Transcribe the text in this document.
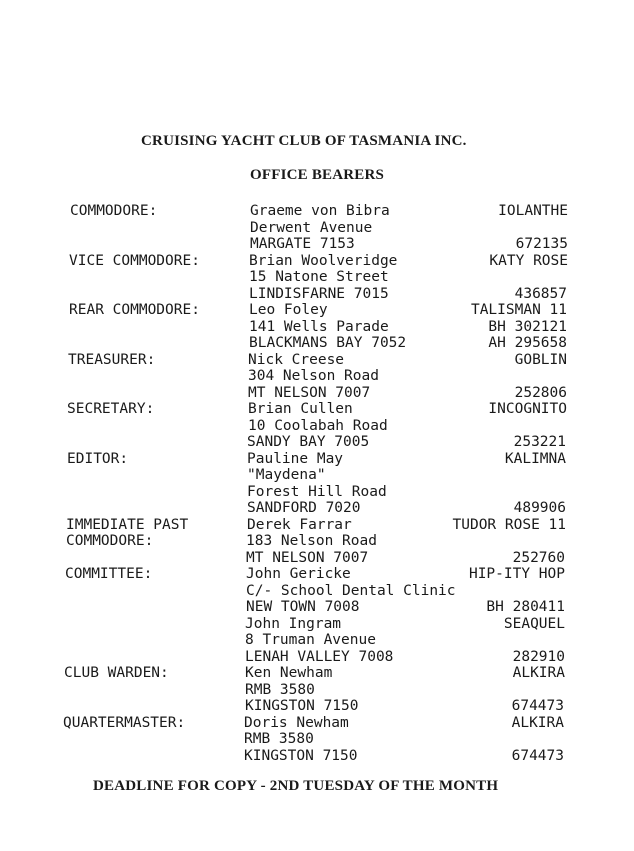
CRUISING YACHT CLUB OF TASMANIA INC.
OFFICE BEARERS
COMMODORE:	Graeme von Bibra	IOLANTHE
Derwent Avenue
MARGATE 7153	672135
VICE COMMODORE:	Brian Woolveridge	KATY ROSE
15 Natone Street
LINDISFARNE 7015	436857
REAR COMMODORE:	Leo Foley	TALISMAN 11
141 Wells Parade	BH 302121
BLACKMANS BAY 7052	AH 295658
TREASURER:	Nick Creese	GOBLIN
304 Nelson Road
MT NELSON 7007	252806
SECRETARY:	Brian Cullen	INCOGNITO
10 Coolabah Road
SANDY BAY 7005	253221
EDITOR:	Pauline May	KALIMNA
"Maydena"
Forest Hill Road
SANDFORD 7020	489906
IMMEDIATE PAST	Derek Farrar	TUDOR ROSE 11
COMMODORE:	183 Nelson Road
MT NELSON 7007	252760
COMMITTEE:	John Gericke	HIP-ITY HOP
C/- School Dental Clinic
NEW TOWN 7008	BH 280411
John Ingram	SEAQUEL
8 Truman Avenue
LENAH VALLEY 7008	282910
CLUB WARDEN:	Ken Newham	ALKIRA
RMB 3580
KINGSTON 7150	674473
QUARTERMASTER:	Doris Newham	ALKIRA
RMB 3580
KINGSTON 7150	674473
DEADLINE FOR COPY - 2ND TUESDAY OF THE MONTH
